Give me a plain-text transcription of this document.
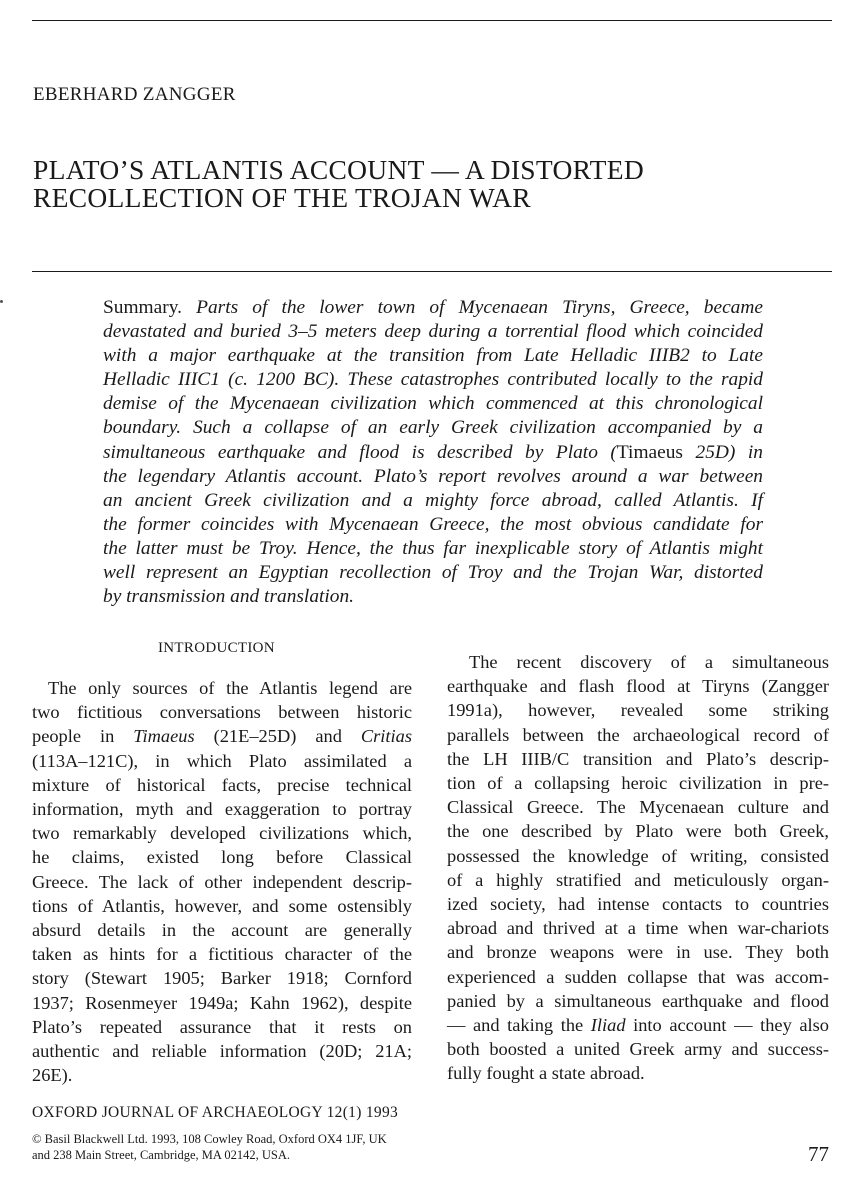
EBERHARD ZANGGER
PLATO’S ATLANTIS ACCOUNT — A DISTORTED
RECOLLECTION OF THE TROJAN WAR
Summary. Parts of the lower town of Mycenaean Tiryns, Greece, became
devastated and buried 3–5 meters deep during a torrential flood which coincided
with a major earthquake at the transition from Late Helladic IIIB2 to Late
Helladic IIIC1 (c. 1200 BC). These catastrophes contributed locally to the rapid
demise of the Mycenaean civilization which commenced at this chronological
boundary. Such a collapse of an early Greek civilization accompanied by a
simultaneous earthquake and flood is described by Plato (Timaeus 25D) in
the legendary Atlantis account. Plato’s report revolves around a war between
an ancient Greek civilization and a mighty force abroad, called Atlantis. If
the former coincides with Mycenaean Greece, the most obvious candidate for
the latter must be Troy. Hence, the thus far inexplicable story of Atlantis might
well represent an Egyptian recollection of Troy and the Trojan War, distorted
by transmission and translation.
INTRODUCTION
The only sources of the Atlantis legend are
two fictitious conversations between historic
people in Timaeus (21E–25D) and Critias
(113A–121C), in which Plato assimilated a
mixture of historical facts, precise technical
information, myth and exaggeration to portray
two remarkably developed civilizations which,
he claims, existed long before Classical
Greece. The lack of other independent descrip-
tions of Atlantis, however, and some ostensibly
absurd details in the account are generally
taken as hints for a fictitious character of the
story (Stewart 1905; Barker 1918; Cornford
1937; Rosenmeyer 1949a; Kahn 1962), despite
Plato’s repeated assurance that it rests on
authentic and reliable information (20D; 21A;
26E).
The recent discovery of a simultaneous
earthquake and flash flood at Tiryns (Zangger
1991a), however, revealed some striking
parallels between the archaeological record of
the LH IIIB/C transition and Plato’s descrip-
tion of a collapsing heroic civilization in pre-
Classical Greece. The Mycenaean culture and
the one described by Plato were both Greek,
possessed the knowledge of writing, consisted
of a highly stratified and meticulously organ-
ized society, had intense contacts to countries
abroad and thrived at a time when war-chariots
and bronze weapons were in use. They both
experienced a sudden collapse that was accom-
panied by a simultaneous earthquake and flood
— and taking the Iliad into account — they also
both boosted a united Greek army and success-
fully fought a state abroad.
OXFORD JOURNAL OF ARCHAEOLOGY 12(1) 1993
© Basil Blackwell Ltd. 1993, 108 Cowley Road, Oxford OX4 1JF, UK
and 238 Main Street, Cambridge, MA 02142, USA.	77
